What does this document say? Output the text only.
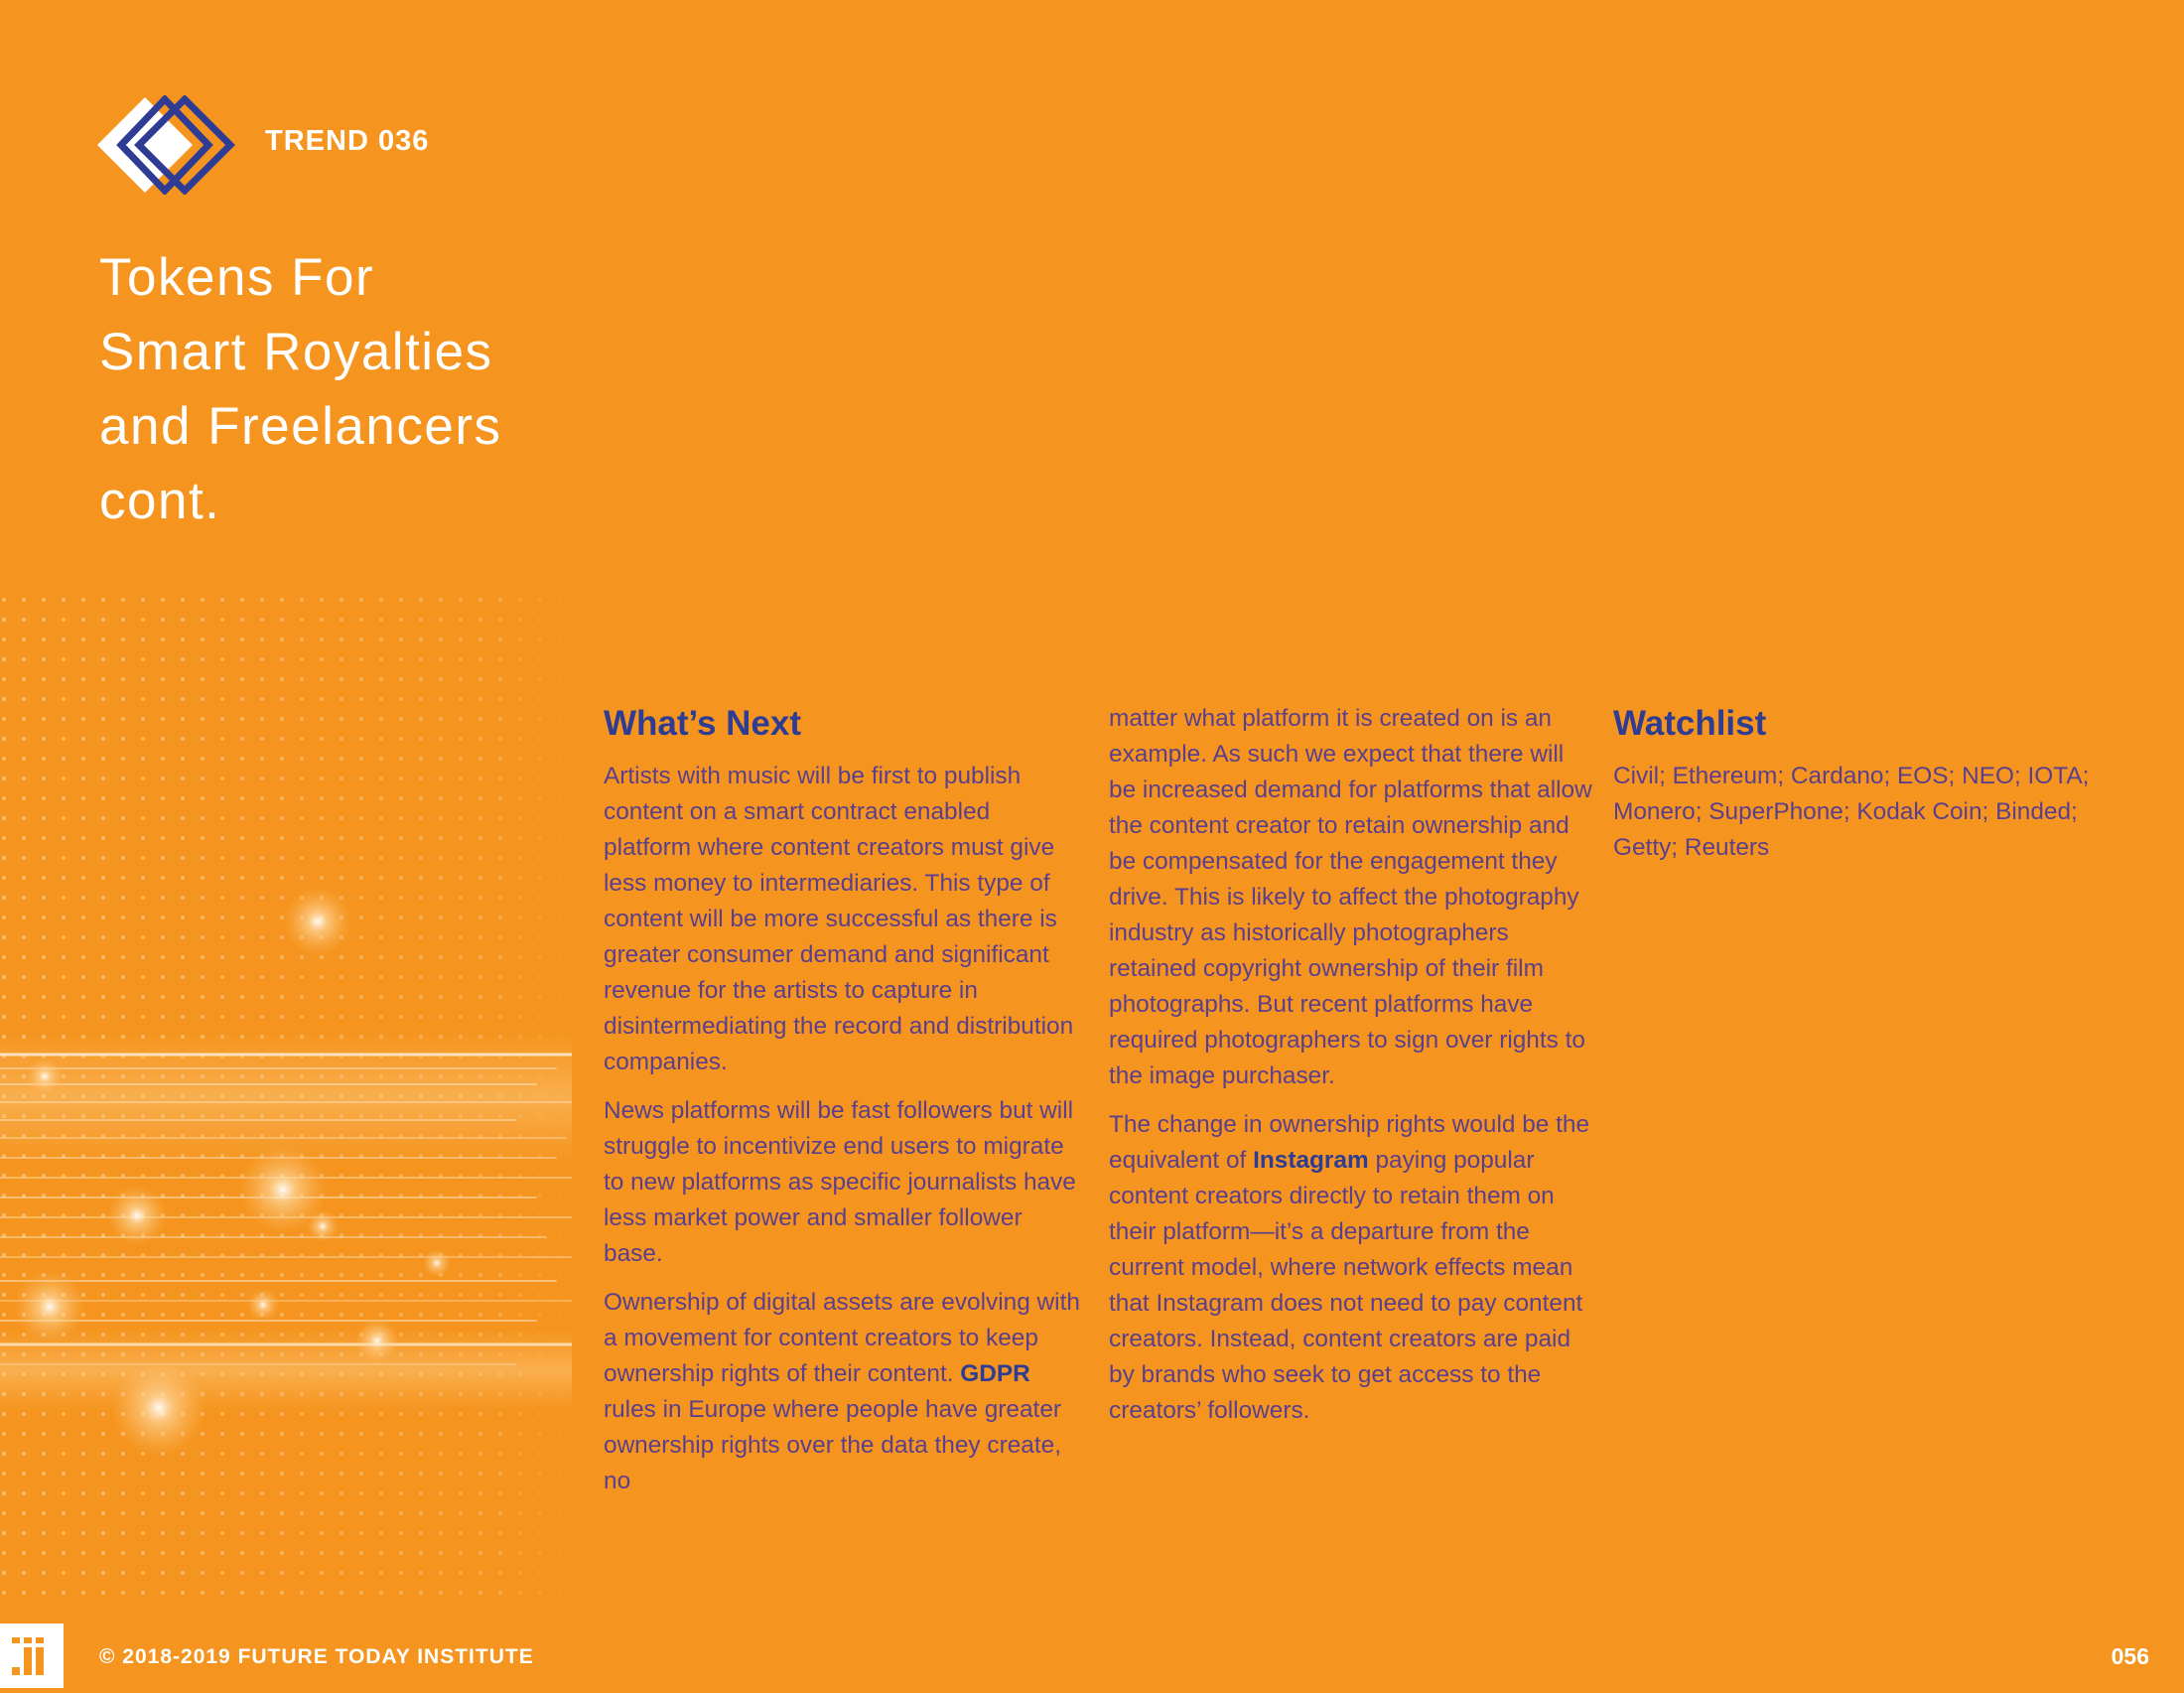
TREND 036
Tokens For
Smart Royalties
and Freelancers
cont.
What’s Next

Artists with music will be first to publish content on a smart contract enabled platform where content creators must give less money to intermediaries. This type of content will be more successful as there is greater consumer demand and significant revenue for the artists to capture in disintermediating the record and distribution companies.

News platforms will be fast followers but will struggle to incentivize end users to migrate to new platforms as specific journalists have less market power and smaller follower base.

Ownership of digital assets are evolving with a movement for content creators to keep ownership rights of their content. GDPR rules in Europe where people have greater ownership rights over the data they create, no

matter what platform it is created on is an example. As such we expect that there will be increased demand for platforms that allow the content creator to retain ownership and be compensated for the engagement they drive. This is likely to affect the photography industry as historically photographers retained copyright ownership of their film photographs. But recent platforms have required photographers to sign over rights to the image purchaser.

The change in ownership rights would be the equivalent of Instagram paying popular content creators directly to retain them on their platform—it’s a departure from the current model, where network effects mean that Instagram does not need to pay content creators. Instead, content creators are paid by brands who seek to get access to the creators’ followers.

Watchlist

Civil; Ethereum; Cardano; EOS; NEO; IOTA; Monero; SuperPhone; Kodak Coin; Binded; Getty; Reuters

© 2018-2019 FUTURE TODAY INSTITUTE	056
